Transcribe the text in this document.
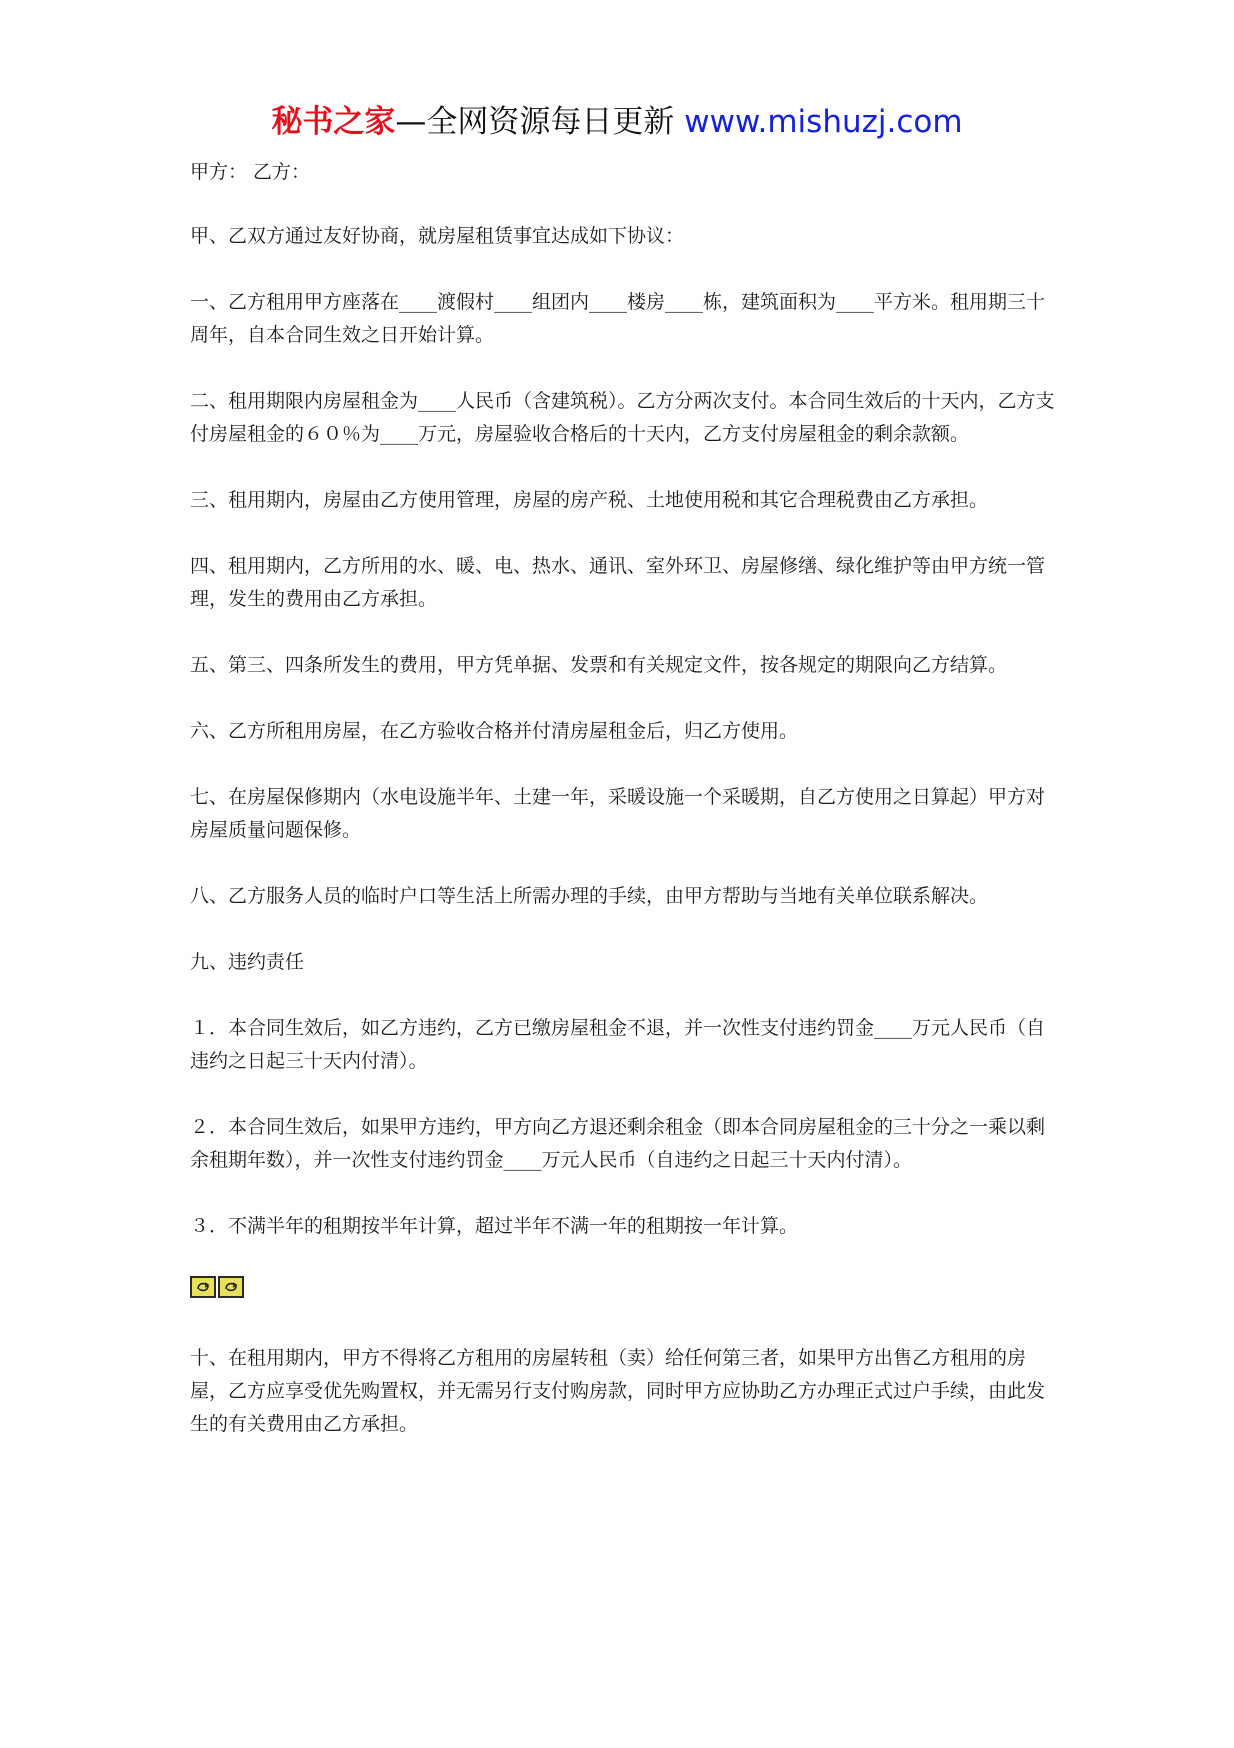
秘书之家—全网资源每日更新 www.mishuzj.com

甲方： 乙方：

甲、乙双方通过友好协商，就房屋租赁事宜达成如下协议：

一、乙方租用甲方座落在____渡假村____组团内____楼房____栋，建筑面积为____平方米。租用期三十周年，自本合同生效之日开始计算。

二、租用期限内房屋租金为____人民币（含建筑税）。乙方分两次支付。本合同生效后的十天内，乙方支付房屋租金的６０％为____万元，房屋验收合格后的十天内，乙方支付房屋租金的剩余款额。

三、租用期内，房屋由乙方使用管理，房屋的房产税、土地使用税和其它合理税费由乙方承担。

四、租用期内，乙方所用的水、暖、电、热水、通讯、室外环卫、房屋修缮、绿化维护等由甲方统一管理，发生的费用由乙方承担。

五、第三、四条所发生的费用，甲方凭单据、发票和有关规定文件，按各规定的期限向乙方结算。

六、乙方所租用房屋，在乙方验收合格并付清房屋租金后，归乙方使用。

七、在房屋保修期内（水电设施半年、土建一年，采暖设施一个采暖期，自乙方使用之日算起）甲方对房屋质量问题保修。

八、乙方服务人员的临时户口等生活上所需办理的手续，由甲方帮助与当地有关单位联系解决。

九、违约责任

１．本合同生效后，如乙方违约，乙方已缴房屋租金不退，并一次性支付违约罚金____万元人民币（自违约之日起三十天内付清）。

２．本合同生效后，如果甲方违约，甲方向乙方退还剩余租金（即本合同房屋租金的三十分之一乘以剩余租期年数），并一次性支付违约罚金____万元人民币（自违约之日起三十天内付清）。

３．不满半年的租期按半年计算，超过半年不满一年的租期按一年计算。

十、在租用期内，甲方不得将乙方租用的房屋转租（卖）给任何第三者，如果甲方出售乙方租用的房屋，乙方应享受优先购置权，并无需另行支付购房款，同时甲方应协助乙方办理正式过户手续，由此发生的有关费用由乙方承担。
